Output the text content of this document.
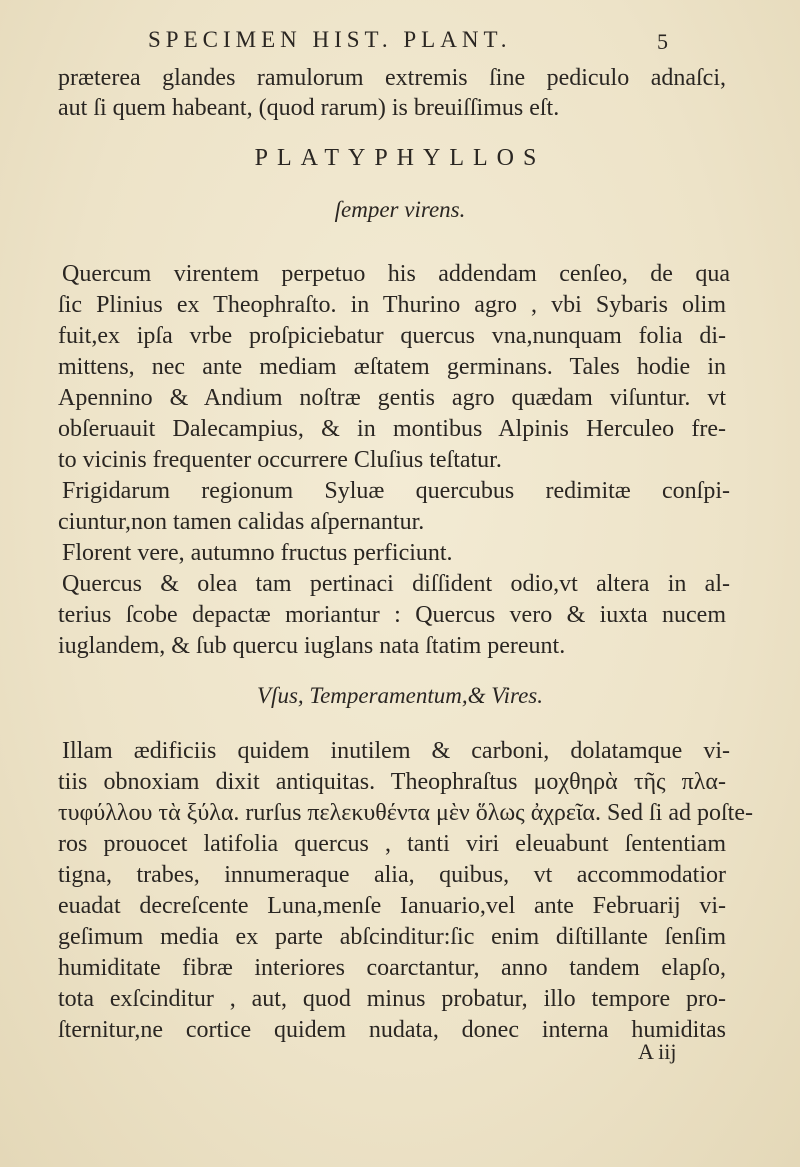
SPECIMEN HIST. PLANT.	5
præterea glandes ramulorum extremis ſine pediculo adnaſci,
aut ſi quem habeant, (quod rarum) is breuiſſimus eſt.
PLATYPHYLLOS
ſemper virens.
Quercum virentem perpetuo his addendam cenſeo, de qua
ſic Plinius ex Theophraſto. in Thurino agro , vbi Sybaris olim
fuit,ex ipſa vrbe proſpiciebatur quercus vna,nunquam folia di-
mittens, nec ante mediam æſtatem germinans. Tales hodie in
Apennino & Andium noſtræ gentis agro quædam viſuntur. vt
obſeruauit Dalecampius, & in montibus Alpinis Herculeo fre-
to vicinis frequenter occurrere Cluſius teſtatur.
Frigidarum regionum Syluæ quercubus redimitæ conſpi-
ciuntur,non tamen calidas aſpernantur.
Florent vere, autumno fructus perficiunt.
Quercus & olea tam pertinaci diſſident odio,vt altera in al-
terius ſcobe depactæ moriantur : Quercus vero & iuxta nucem
iuglandem, & ſub quercu iuglans nata ſtatim pereunt.
Vſus, Temperamentum,& Vires.
Illam ædificiis quidem inutilem & carboni, dolatamque vi-
tiis obnoxiam dixit antiquitas. Theophraſtus μοχθηρὰ τῆς πλα-
τυφύλλου τὰ ξύλα. rurſus πελεκυθέντα μὲν ὅλως ἀχρεῖα. Sed ſi ad poſte-
ros prouocet latifolia quercus , tanti viri eleuabunt ſententiam
tigna, trabes, innumeraque alia, quibus, vt accommodatior
euadat decreſcente Luna,menſe Ianuario,vel ante Februarij vi-
geſimum media ex parte abſcinditur:ſic enim diſtillante ſenſim
humiditate fibræ interiores coarctantur, anno tandem elapſo,
tota exſcinditur , aut, quod minus probatur, illo tempore pro-
ſternitur,ne cortice quidem nudata, donec interna humiditas
A iij
